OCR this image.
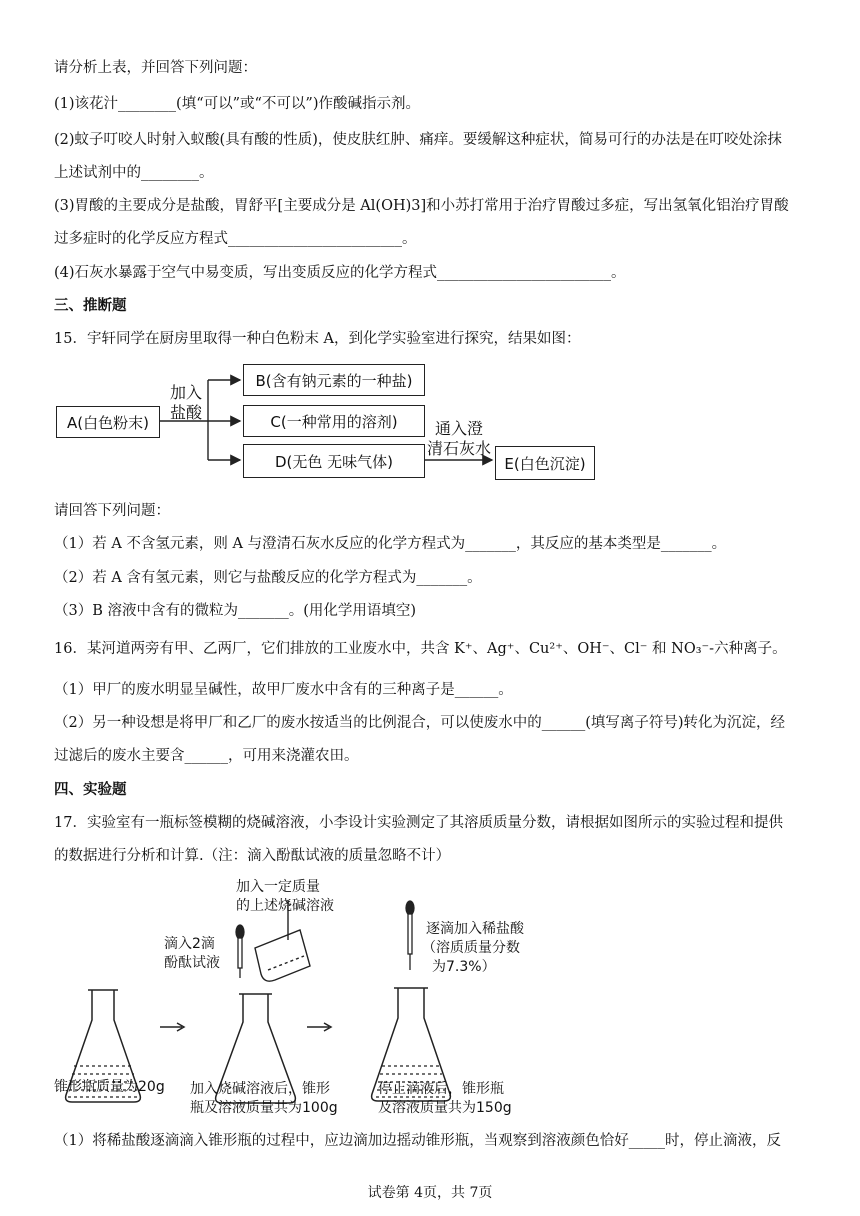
请分析上表，并回答下列问题：
(1)该花汁________(填“可以”或“不可以”)作酸碱指示剂。
(2)蚊子叮咬人时射入蚁酸(具有酸的性质)，使皮肤红肿、痛痒。要缓解这种症状，简易可行的办法是在叮咬处涂抹
上述试剂中的________。
(3)胃酸的主要成分是盐酸，胃舒平[主要成分是 Al(OH)3]和小苏打常用于治疗胃酸过多症，写出氢氧化铝治疗胃酸
过多症时的化学反应方程式________________________。
(4)石灰水暴露于空气中易变质，写出变质反应的化学方程式________________________。
三、推断题
15．宇轩同学在厨房里取得一种白色粉末 A，到化学实验室进行探究，结果如图：
A(白色粉末)
B(含有钠元素的一种盐)
C(一种常用的溶剂)
D(无色 无味气体)	E(白色沉淀)
加入
盐酸
通入澄
清石灰水
请回答下列问题：
（1）若 A 不含氢元素，则 A 与澄清石灰水反应的化学方程式为_______，其反应的基本类型是_______。
（2）若 A 含有氢元素，则它与盐酸反应的化学方程式为_______。
（3）B 溶液中含有的微粒为_______。(用化学用语填空)
16．某河道两旁有甲、乙两厂，它们排放的工业废水中，共含 K⁺、Ag⁺、Cu²⁺、OH⁻、Cl⁻ 和 NO₃⁻-六种离子。
（1）甲厂的废水明显呈碱性，故甲厂废水中含有的三种离子是______。
（2）另一种设想是将甲厂和乙厂的废水按适当的比例混合，可以使废水中的______(填写离子符号)转化为沉淀，经
过滤后的废水主要含______，可用来浇灌农田。
四、实验题
17．实验室有一瓶标签模糊的烧碱溶液，小李设计实验测定了其溶质质量分数，请根据如图所示的实验过程和提供
的数据进行分析和计算.（注：滴入酚酞试液的质量忽略不计）
加入一定质量
的上述烧碱溶液
滴入2滴
酚酞试液
逐滴加入稀盐酸
（溶质质量分数
为7.3%）
锥形瓶质量为20g 加入烧碱溶液后，锥形
瓶及溶液质量共为100g
停止滴液后，锥形瓶
及溶液质量共为150g
（1）将稀盐酸逐滴滴入锥形瓶的过程中，应边滴加边摇动锥形瓶，当观察到溶液颜色恰好_____时，停止滴液，反
试卷第 4页，共 7页
